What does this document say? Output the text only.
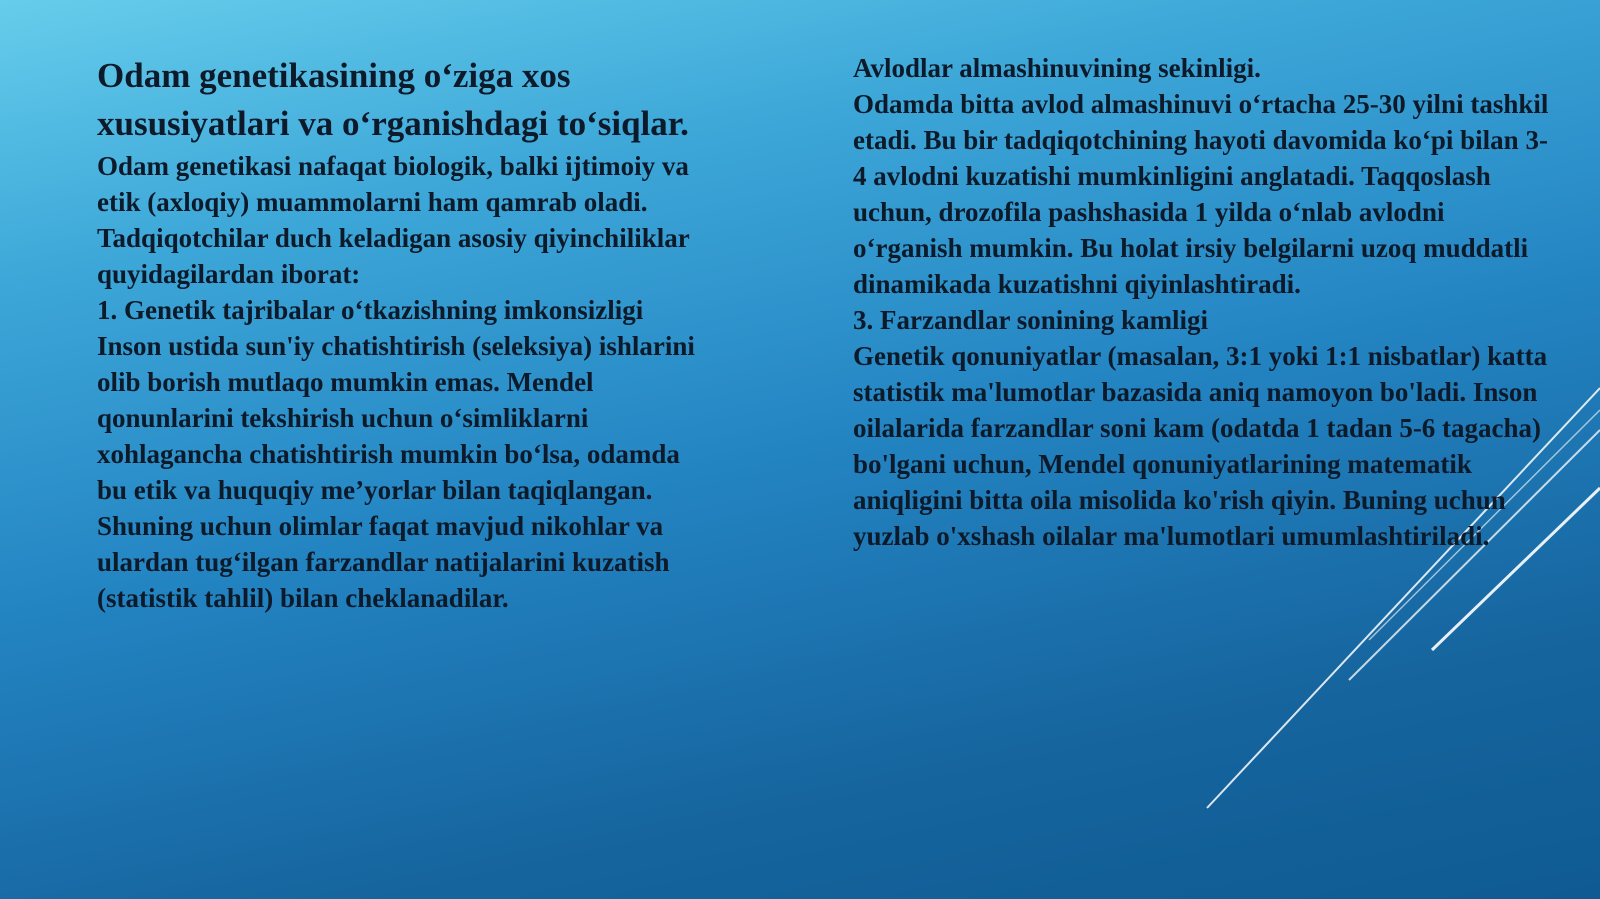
Odam genetikasining o‘ziga xos xususiyatlari va o‘rganishdagi to‘siqlar.

Odam genetikasi nafaqat biologik, balki ijtimoiy va etik (axloqiy) muammolarni ham qamrab oladi. Tadqiqotchilar duch keladigan asosiy qiyinchiliklar quyidagilardan iborat:

1. Genetik tajribalar o‘tkazishning imkonsizligi

Inson ustida sun'iy chatishtirish (seleksiya) ishlarini olib borish mutlaqo mumkin emas. Mendel qonunlarini tekshirish uchun o‘simliklarni xohlagancha chatishtirish mumkin bo‘lsa, odamda bu etik va huquqiy me’yorlar bilan taqiqlangan. Shuning uchun olimlar faqat mavjud nikohlar va ulardan tug‘ilgan farzandlar natijalarini kuzatish (statistik tahlil) bilan cheklanadilar.

Avlodlar almashinuvining sekinligi.

Odamda bitta avlod almashinuvi o‘rtacha 25-30 yilni tashkil etadi. Bu bir tadqiqotchining hayoti davomida ko‘pi bilan 3-4 avlodni kuzatishi mumkinligini anglatadi. Taqqoslash uchun, drozofila pashshasida 1 yilda o‘nlab avlodni o‘rganish mumkin. Bu holat irsiy belgilarni uzoq muddatli dinamikada kuzatishni qiyinlashtiradi.

3. Farzandlar sonining kamligi

Genetik qonuniyatlar (masalan, 3:1 yoki 1:1 nisbatlar) katta statistik ma'lumotlar bazasida aniq namoyon bo'ladi. Inson oilalarida farzandlar soni kam (odatda 1 tadan 5-6 tagacha) bo'lgani uchun, Mendel qonuniyatlarining matematik aniqligini bitta oila misolida ko'rish qiyin. Buning uchun yuzlab o'xshash oilalar ma'lumotlari umumlashtiriladi.
